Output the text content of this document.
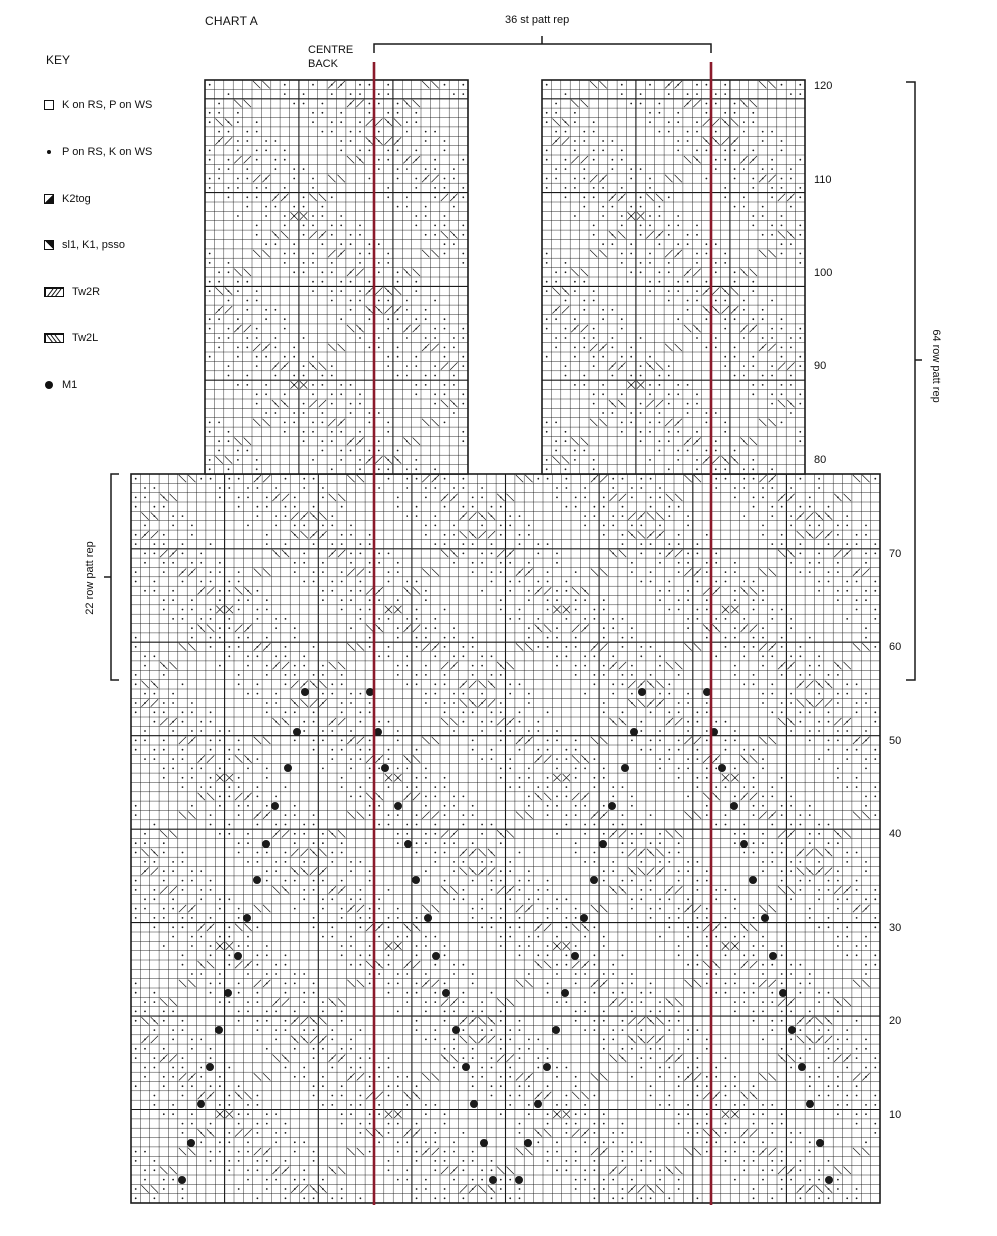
CHART A
KEY
K on RS, P on WS
P on RS, K on WS
K2tog
sl1, K1, psso
Tw2R
Tw2L
M1
CENTRE
BACK
36 st patt rep
22 row patt rep
64 row patt rep
120
110
100
90
80
70
60
50
40
30
20
10
